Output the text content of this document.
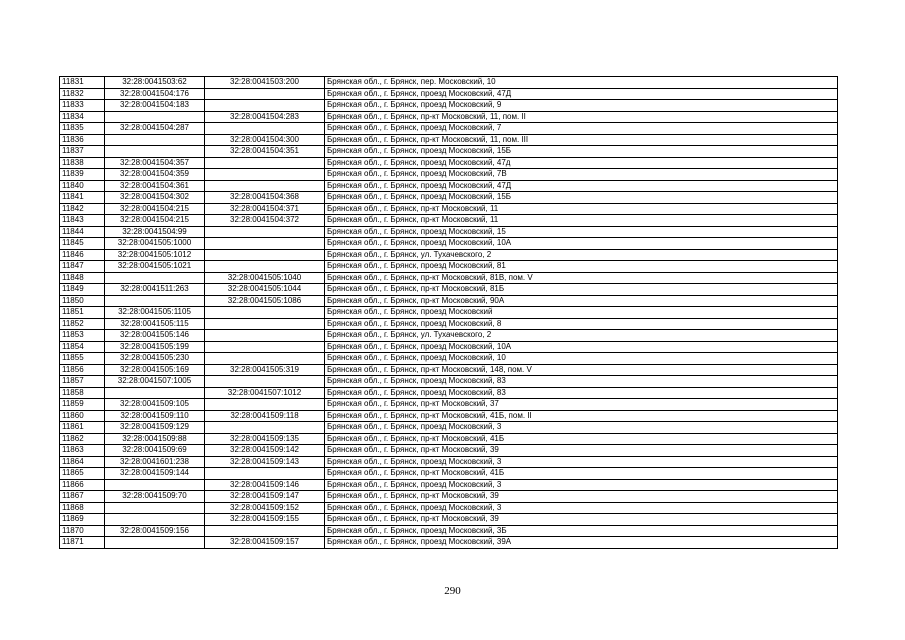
11831	32:28:0041503:62	32:28:0041503:200	Брянская обл., г. Брянск, пер. Московский, 10
11832	32:28:0041504:176		Брянская обл., г. Брянск, проезд Московский, 47Д
11833	32:28:0041504:183		Брянская обл., г. Брянск, проезд Московский, 9
11834		32:28:0041504:283	Брянская обл., г. Брянск, пр-кт Московский, 11, пом. II
11835	32:28:0041504:287		Брянская обл., г. Брянск, проезд Московский, 7
11836		32:28:0041504:300	Брянская обл., г. Брянск, пр-кт Московский, 11, пом. III
11837		32:28:0041504:351	Брянская обл., г. Брянск, проезд Московский, 15Б
11838	32:28:0041504:357		Брянская обл., г. Брянск, проезд Московский, 47д
11839	32:28:0041504:359		Брянская обл., г. Брянск, проезд Московский, 7В
11840	32:28:0041504:361		Брянская обл., г. Брянск, проезд Московский, 47Д
11841	32:28:0041504:302	32:28:0041504:368	Брянская обл., г. Брянск, проезд Московский, 15Б
11842	32:28:0041504:215	32:28:0041504:371	Брянская обл., г. Брянск, пр-кт Московский, 11
11843	32:28:0041504:215	32:28:0041504:372	Брянская обл., г. Брянск, пр-кт Московский, 11
11844	32:28:0041504:99		Брянская обл., г. Брянск, проезд Московский, 15
11845	32:28:0041505:1000		Брянская обл., г. Брянск, проезд Московский, 10А
11846	32:28:0041505:1012		Брянская обл., г. Брянск, ул. Тухачевского, 2
11847	32:28:0041505:1021		Брянская обл., г. Брянск, проезд Московский, 81
11848		32:28:0041505:1040	Брянская обл., г. Брянск, пр-кт Московский, 81В, пом. V
11849	32:28:0041511:263	32:28:0041505:1044	Брянская обл., г. Брянск, пр-кт Московский, 81Б
11850		32:28:0041505:1086	Брянская обл., г. Брянск, пр-кт Московский, 90А
11851	32:28:0041505:1105		Брянская обл., г. Брянск, проезд Московский
11852	32:28:0041505:115		Брянская обл., г. Брянск, проезд Московский, 8
11853	32:28:0041505:146		Брянская обл., г. Брянск, ул. Тухачевского, 2
11854	32:28:0041505:199		Брянская обл., г. Брянск, проезд Московский, 10А
11855	32:28:0041505:230		Брянская обл., г. Брянск, проезд Московский, 10
11856	32:28:0041505:169	32:28:0041505:319	Брянская обл., г. Брянск, пр-кт Московский, 148, пом. V
11857	32:28:0041507:1005		Брянская обл., г. Брянск, проезд Московский, 83
11858		32:28:0041507:1012	Брянская обл., г. Брянск, проезд Московский, 83
11859	32:28:0041509:105		Брянская обл., г. Брянск, пр-кт Московский, 37
11860	32:28:0041509:110	32:28:0041509:118	Брянская обл., г. Брянск, пр-кт Московский, 41Б, пом. II
11861	32:28:0041509:129		Брянская обл., г. Брянск, проезд Московский, 3
11862	32:28:0041509:88	32:28:0041509:135	Брянская обл., г. Брянск, пр-кт Московский, 41Б
11863	32:28:0041509:69	32:28:0041509:142	Брянская обл., г. Брянск, пр-кт Московский, 39
11864	32:28:0041601:238	32:28:0041509:143	Брянская обл., г. Брянск, проезд Московский, 3
11865	32:28:0041509:144		Брянская обл., г. Брянск, пр-кт Московский, 41Б
11866		32:28:0041509:146	Брянская обл., г. Брянск, проезд Московский, 3
11867	32:28:0041509:70	32:28:0041509:147	Брянская обл., г. Брянск, пр-кт Московский, 39
11868		32:28:0041509:152	Брянская обл., г. Брянск, проезд Московский, 3
11869		32:28:0041509:155	Брянская обл., г. Брянск, пр-кт Московский, 39
11870	32:28:0041509:156		Брянская обл., г. Брянск, проезд Московский, 3Б
11871		32:28:0041509:157	Брянская обл., г. Брянск, проезд Московский, 39А
290
